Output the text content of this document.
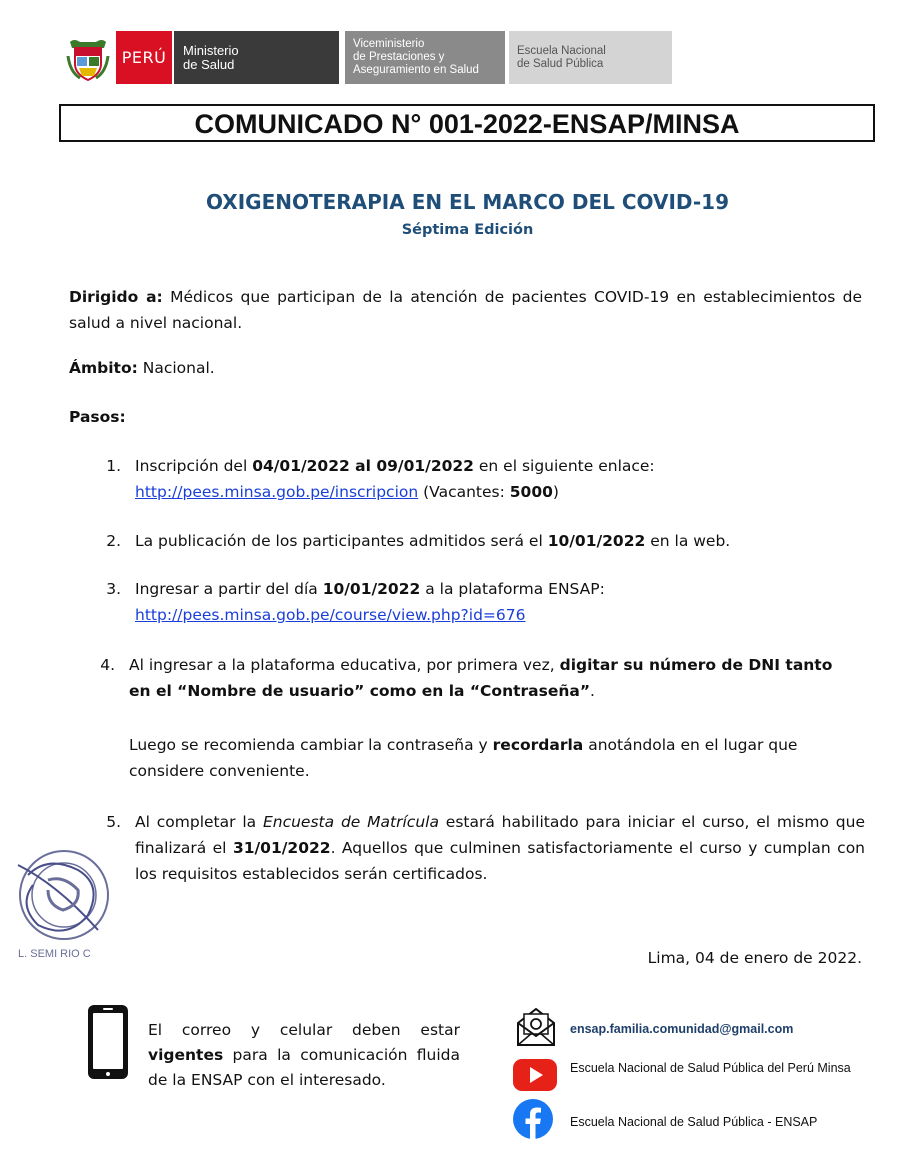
PERÚ Ministerio
de Salud
Viceministerio
de Prestaciones y
Aseguramiento en Salud
Escuela Nacional
de Salud Pública
COMUNICADO N° 001-2022-ENSAP/MINSA
OXIGENOTERAPIA EN EL MARCO DEL COVID-19
Séptima Edición
Dirigido a: Médicos que participan de la atención de pacientes COVID-19 en establecimientos de salud a nivel nacional.
Ámbito: Nacional.
Pasos:
1. Inscripción del 04/01/2022 al 09/01/2022 en el siguiente enlace:
http://pees.minsa.gob.pe/inscripcion (Vacantes: 5000)
2. La publicación de los participantes admitidos será el 10/01/2022 en la web.
3. Ingresar a partir del día 10/01/2022 a la plataforma ENSAP:
http://pees.minsa.gob.pe/course/view.php?id=676
4. Al ingresar a la plataforma educativa, por primera vez, digitar su número de DNI tanto en el “Nombre de usuario” como en la “Contraseña”.
Luego se recomienda cambiar la contraseña y recordarla anotándola en el lugar que considere conveniente.
5. Al completar la Encuesta de Matrícula estará habilitado para iniciar el curso, el mismo que finalizará el 31/01/2022. Aquellos que culminen satisfactoriamente el curso y cumplan con los requisitos establecidos serán certificados.
L. SEMI RIO C	Lima, 04 de enero de 2022.
El correo y celular deben estar vigentes para la comunicación fluida de la ENSAP con el interesado.
ensap.familia.comunidad@gmail.com
Escuela Nacional de Salud Pública del Perú Minsa
Escuela Nacional de Salud Pública - ENSAP
